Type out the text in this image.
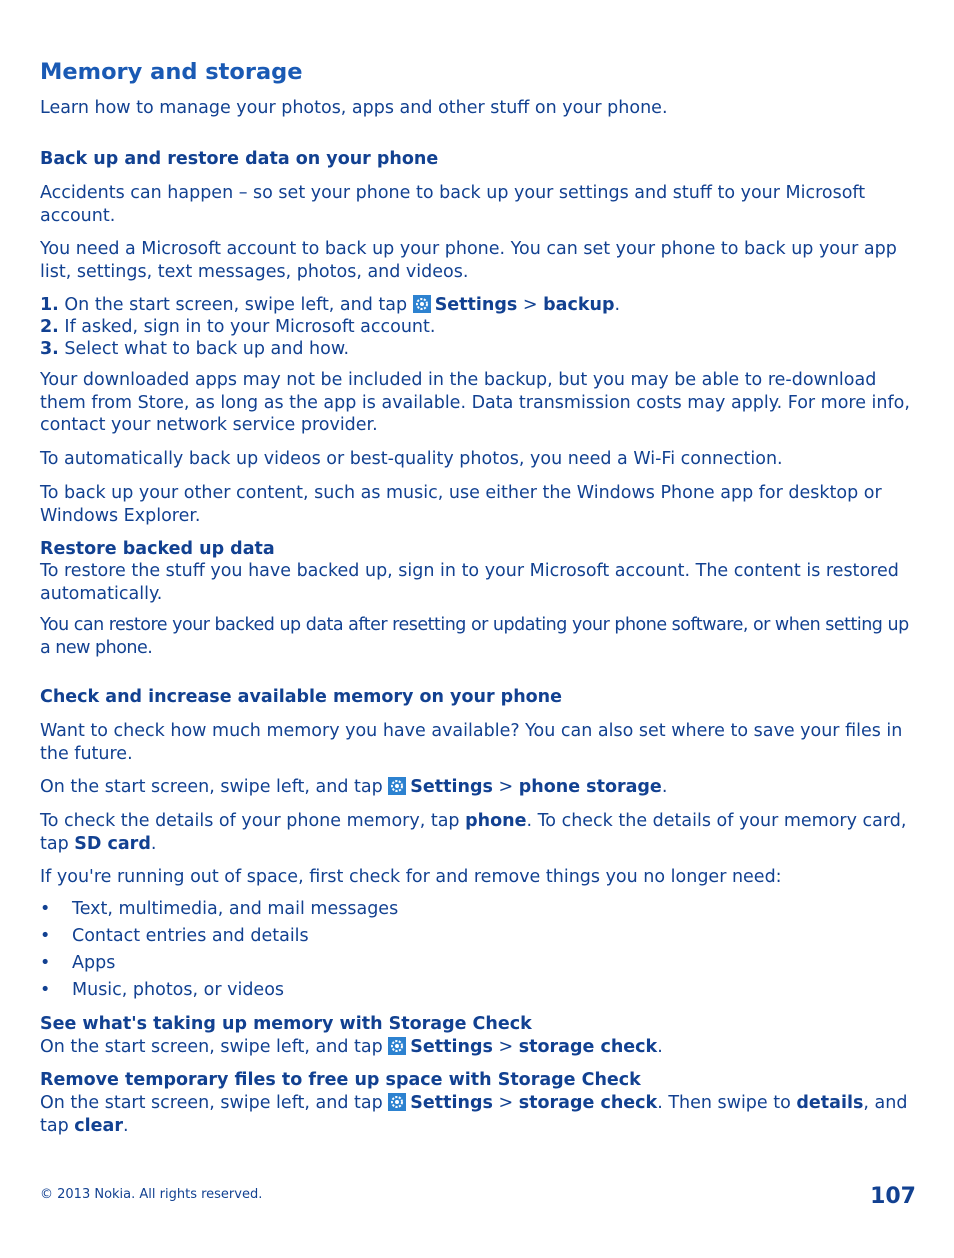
Memory and storage

Learn how to manage your photos, apps and other stuff on your phone.

Back up and restore data on your phone

Accidents can happen – so set your phone to back up your settings and stuff to your Microsoft account.

You need a Microsoft account to back up your phone. You can set your phone to back up your app list, settings, text messages, photos, and videos.

1. On the start screen, swipe left, and tap Settings > backup.
2. If asked, sign in to your Microsoft account.
3. Select what to back up and how.

Your downloaded apps may not be included in the backup, but you may be able to re-download them from Store, as long as the app is available. Data transmission costs may apply. For more info, contact your network service provider.

To automatically back up videos or best-quality photos, you need a Wi-Fi connection.

To back up your other content, such as music, use either the Windows Phone app for desktop or Windows Explorer.

Restore backed up data

To restore the stuff you have backed up, sign in to your Microsoft account. The content is restored automatically.

You can restore your backed up data after resetting or updating your phone software, or when setting up a new phone.

Check and increase available memory on your phone

Want to check how much memory you have available? You can also set where to save your files in the future.

On the start screen, swipe left, and tap Settings > phone storage.
To check the details of your phone memory, tap phone. To check the details of your memory card, tap SD card.

If you're running out of space, first check for and remove things you no longer need:

• Text, multimedia, and mail messages
• Contact entries and details
• Apps
• Music, photos, or videos
See what's taking up memory with Storage Check
On the start screen, swipe left, and tap Settings > storage check.
Remove temporary files to free up space with Storage Check
On the start screen, swipe left, and tap Settings > storage check. Then swipe to details, and tap clear.
© 2013 Nokia. All rights reserved.	107
